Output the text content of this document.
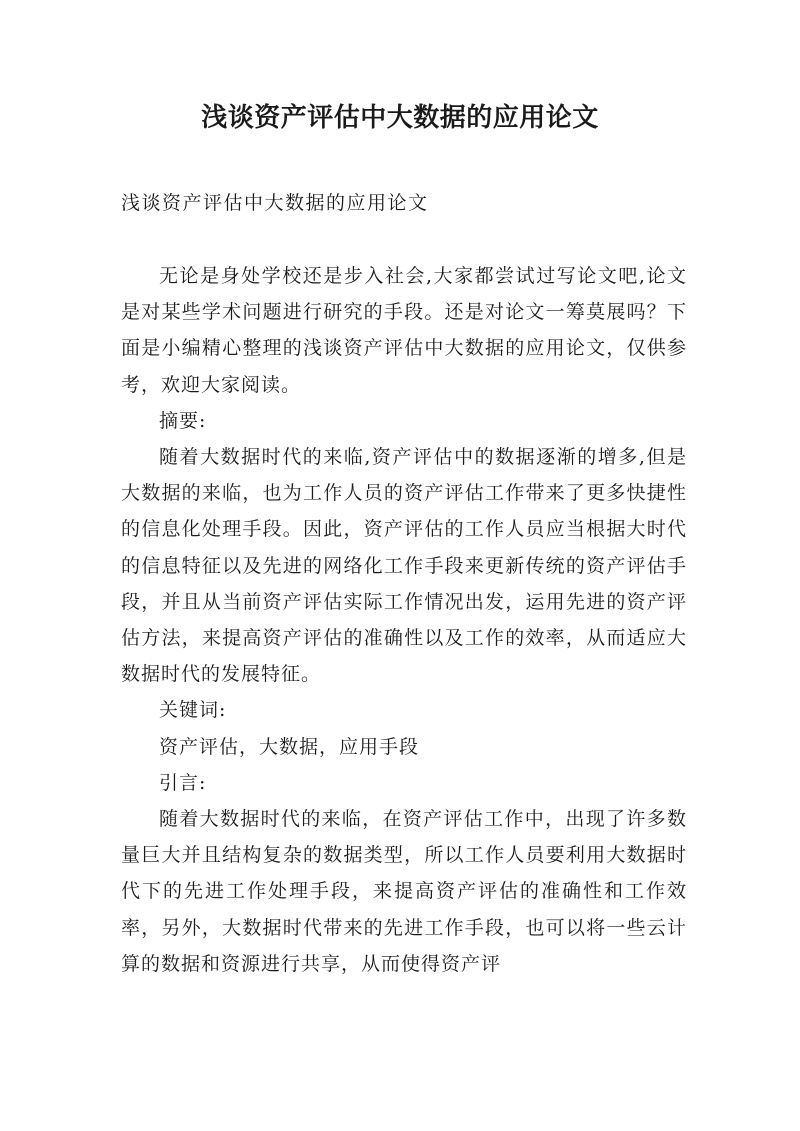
浅谈资产评估中大数据的应用论文

浅谈资产评估中大数据的应用论文

无论是身处学校还是步入社会,大家都尝试过写论文吧,论文是对某些学术问题进行研究的手段。还是对论文一筹莫展吗？下面是小编精心整理的浅谈资产评估中大数据的应用论文，仅供参考，欢迎大家阅读。

摘要:

随着大数据时代的来临,资产评估中的数据逐渐的增多,但是大数据的来临，也为工作人员的资产评估工作带来了更多快捷性的信息化处理手段。因此，资产评估的工作人员应当根据大时代的信息特征以及先进的网络化工作手段来更新传统的资产评估手段，并且从当前资产评估实际工作情况出发，运用先进的资产评估方法，来提高资产评估的准确性以及工作的效率，从而适应大数据时代的发展特征。

关键词:

资产评估，大数据，应用手段

引言:

随着大数据时代的来临，在资产评估工作中，出现了许多数量巨大并且结构复杂的数据类型，所以工作人员要利用大数据时代下的先进工作处理手段，来提高资产评估的准确性和工作效率，另外，大数据时代带来的先进工作手段，也可以将一些云计算的数据和资源进行共享，从而使得资产评
